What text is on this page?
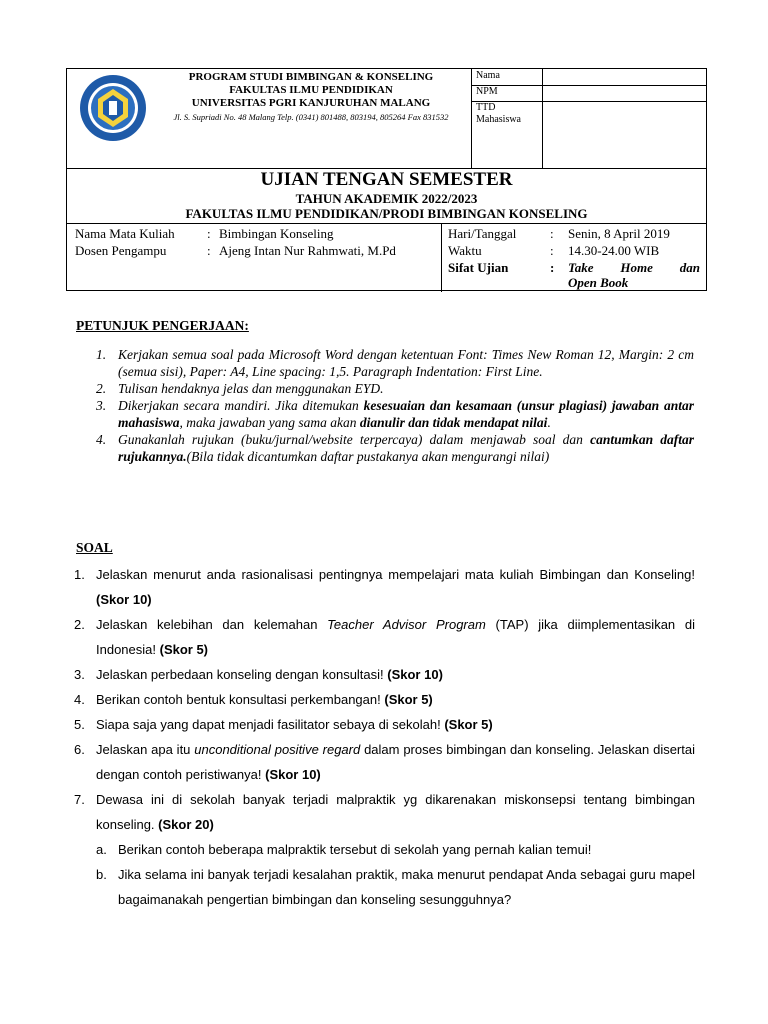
PROGRAM STUDI BIMBINGAN & KONSELING
FAKULTAS ILMU PENDIDIKAN
UNIVERSITAS PGRI KANJURUHAN MALANG
Jl. S. Supriadi No. 48 Malang Telp. (0341) 801488, 803194, 805264 Fax 831532
Nama
NPM
TTD Mahasiswa
UJIAN TENGAN SEMESTER
TAHUN AKADEMIK 2022/2023
FAKULTAS ILMU PENDIDIKAN/PRODI BIMBINGAN KONSELING
Nama Mata Kuliah : Bimbingan Konseling
Dosen Pengampu	: Ajeng Intan Nur Rahmwati, M.Pd
Hari/Tanggal	: Senin, 8 April 2019
Waktu	: 14.30-24.00 WIB
Sifat Ujian	: Take Home dan
Open Book
PETUNJUK PENGERJAAN:
1. Kerjakan semua soal pada Microsoft Word dengan ketentuan Font: Times New Roman 12, Margin: 2 cm (semua sisi), Paper: A4, Line spacing: 1,5. Paragraph Indentation: First Line.
2. Tulisan hendaknya jelas dan menggunakan EYD.
3. Dikerjakan secara mandiri. Jika ditemukan kesesuaian dan kesamaan (unsur plagiasi) jawaban antar mahasiswa, maka jawaban yang sama akan dianulir dan tidak mendapat nilai.
4. Gunakanlah rujukan (buku/jurnal/website terpercaya) dalam menjawab soal dan cantumkan daftar rujukannya.(Bila tidak dicantumkan daftar pustakanya akan mengurangi nilai)
SOAL
1. Jelaskan menurut anda rasionalisasi pentingnya mempelajari mata kuliah Bimbingan dan Konseling! (Skor 10)
2. Jelaskan kelebihan dan kelemahan Teacher Advisor Program (TAP) jika diimplementasikan di Indonesia! (Skor 5)
3. Jelaskan perbedaan konseling dengan konsultasi! (Skor 10)
4. Berikan contoh bentuk konsultasi perkembangan! (Skor 5)
5. Siapa saja yang dapat menjadi fasilitator sebaya di sekolah! (Skor 5)
6. Jelaskan apa itu unconditional positive regard dalam proses bimbingan dan konseling. Jelaskan disertai dengan contoh peristiwanya! (Skor 10)
7. Dewasa ini di sekolah banyak terjadi malpraktik yg dikarenakan miskonsepsi tentang bimbingan konseling. (Skor 20)
a. Berikan contoh beberapa malpraktik tersebut di sekolah yang pernah kalian temui!
b. Jika selama ini banyak terjadi kesalahan praktik, maka menurut pendapat Anda sebagai guru mapel bagaimanakah pengertian bimbingan dan konseling sesungguhnya?
